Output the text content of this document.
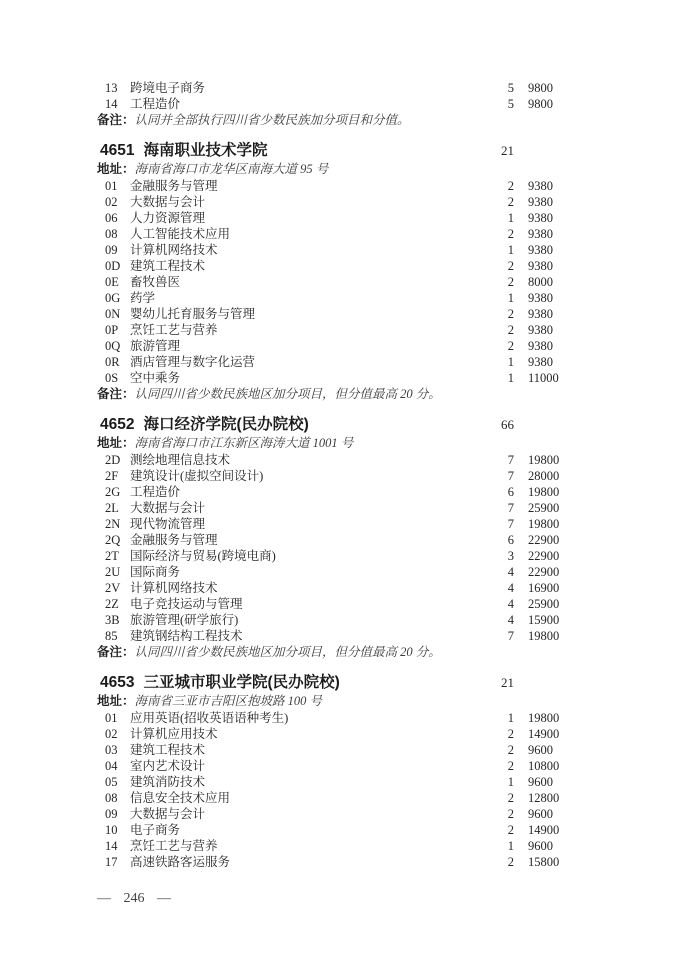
13 跨境电子商务	5 9800
14 工程造价	5 9800
备注：认同并全部执行四川省少数民族加分项目和分值。
4651 海南职业技术学院	21
地址：海南省海口市龙华区南海大道 95 号
01 金融服务与管理	2 9380
02 大数据与会计	2 9380
06 人力资源管理	1 9380
08 人工智能技术应用	2 9380
09 计算机网络技术	1 9380
0D 建筑工程技术	2 9380
0E 畜牧兽医	2 8000
0G 药学	1 9380
0N 婴幼儿托育服务与管理	2 9380
0P 烹饪工艺与营养	2 9380
0Q 旅游管理	2 9380
0R 酒店管理与数字化运营	1 9380
0S 空中乘务	1 11000
备注：认同四川省少数民族地区加分项目，但分值最高 20 分。
4652 海口经济学院(民办院校)	66
地址：海南省海口市江东新区海涛大道 1001 号
2D 测绘地理信息技术	7 19800
2F 建筑设计(虚拟空间设计)	7 28000
2G 工程造价	6 19800
2L 大数据与会计	7 25900
2N 现代物流管理	7 19800
2Q 金融服务与管理	6 22900
2T 国际经济与贸易(跨境电商)	3 22900
2U 国际商务	4 22900
2V 计算机网络技术	4 16900
2Z 电子竞技运动与管理	4 25900
3B 旅游管理(研学旅行)	4 15900
85 建筑钢结构工程技术	7 19800
备注：认同四川省少数民族地区加分项目，但分值最高 20 分。
4653 三亚城市职业学院(民办院校)	21
地址：海南省三亚市吉阳区抱坡路 100 号
01 应用英语(招收英语语种考生)	1 19800
02 计算机应用技术	2 14900
03 建筑工程技术	2 9600
04 室内艺术设计	2 10800
05 建筑消防技术	1 9600
08 信息安全技术应用	2 12800
09 大数据与会计	2 9600
10 电子商务	2 14900
14 烹饪工艺与营养	1 9600
17 高速铁路客运服务	2 15800
— 246 —
